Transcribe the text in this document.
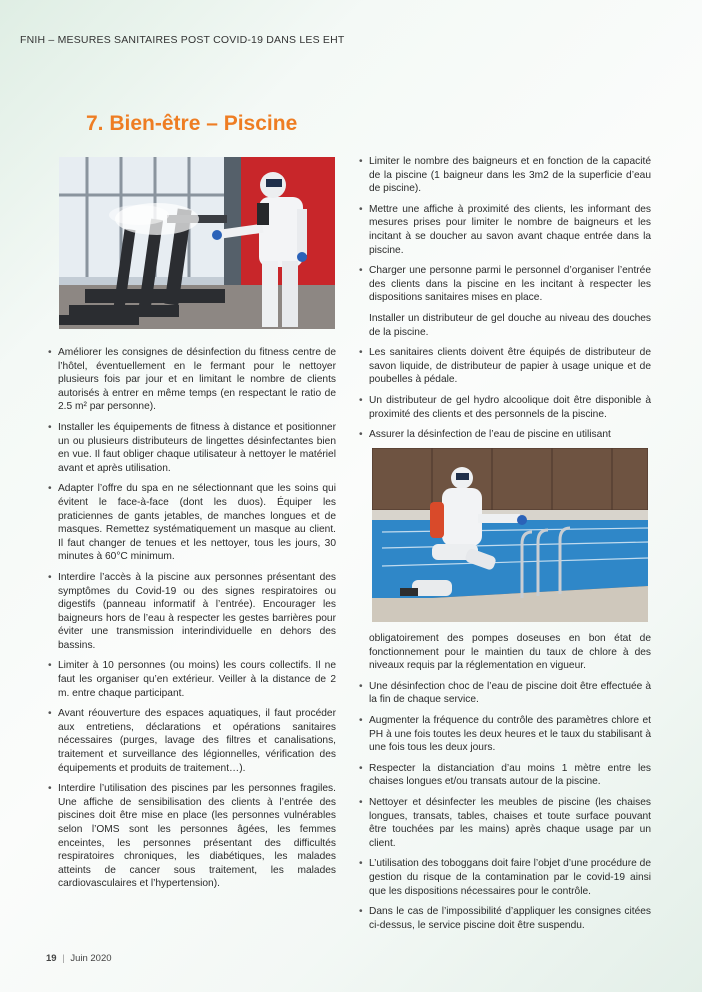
FNIH – MESURES SANITAIRES POST COVID-19 DANS LES EHT
7. Bien-être – Piscine

• Améliorer les consignes de désinfection du fitness centre de l’hôtel, éventuellement en le fermant pour le nettoyer plusieurs fois par jour et en limitant le nombre de clients autorisés à entrer en même temps (en respectant le ratio de 2.5 m² par personne).

• Installer les équipements de fitness à distance et positionner un ou plusieurs distributeurs de lingettes désinfectantes bien en vue. Il faut obliger chaque utilisateur à nettoyer le matériel avant et après utilisation.

• Adapter l’offre du spa en ne sélectionnant que les soins qui évitent le face-à-face (dont les duos). Équiper les praticiennes de gants jetables, de manches longues et de masques. Remettez systématiquement un masque au client. Il faut changer de tenues et les nettoyer, tous les jours, 30 minutes à 60°C minimum.

• Interdire l’accès à la piscine aux personnes présentant des symptômes du Covid-19 ou des signes respiratoires ou digestifs (panneau informatif à l’entrée). Encourager les baigneurs hors de l’eau à respecter les gestes barrières pour éviter une transmission interindividuelle en dehors des bassins.

• Limiter à 10 personnes (ou moins) les cours collectifs. Il ne faut les organiser qu’en extérieur. Veiller à la distance de 2 m. entre chaque participant.

• Avant réouverture des espaces aquatiques, il faut procéder aux entretiens, déclarations et opérations sanitaires nécessaires (purges, lavage des filtres et canalisations, traitement et surveillance des légionnelles, vérification des équipements et produits de traitement…).

• Interdire l’utilisation des piscines par les personnes fragiles. Une affiche de sensibilisation des clients à l’entrée des piscines doit être mise en place (les personnes vulnérables selon l’OMS sont les personnes âgées, les femmes enceintes, les personnes présentant des difficultés respiratoires chroniques, les diabétiques, les malades atteints de cancer sous traitement, les malades cardiovasculaires et l’hypertension).

• Limiter le nombre des baigneurs et en fonction de la capacité de la piscine (1 baigneur dans les 3m2 de la superficie d’eau de piscine).

• Mettre une affiche à proximité des clients, les informant des mesures prises pour limiter le nombre de baigneurs et les incitant à se doucher au savon avant chaque entrée dans la piscine.

• Charger une personne parmi le personnel d’organiser l’entrée des clients dans la piscine en les incitant à respecter les dispositions sanitaires mises en place.

Installer un distributeur de gel douche au niveau des douches de la piscine.

• Les sanitaires clients doivent être équipés de distributeur de savon liquide, de distributeur de papier à usage unique et de poubelles à pédale.

• Un distributeur de gel hydro alcoolique doit être disponible à proximité des clients et des personnels de la piscine.

• Assurer la désinfection de l’eau de piscine en utilisant

obligatoirement des pompes doseuses en bon état de fonctionnement pour le maintien du taux de chlore à des niveaux requis par la réglementation en vigueur.

• Une désinfection choc de l’eau de piscine doit être effectuée à la fin de chaque service.

• Augmenter la fréquence du contrôle des paramètres chlore et PH à une fois toutes les deux heures et le taux du stabilisant à une fois tous les deux jours.

• Respecter la distanciation d’au moins 1 mètre entre les chaises longues et/ou transats autour de la piscine.

• Nettoyer et désinfecter les meubles de piscine (les chaises longues, transats, tables, chaises et toute surface pouvant être touchées par les mains) après chaque usage par un client.

• L’utilisation des toboggans doit faire l’objet d’une procédure de gestion du risque de la contamination par le covid-19 ainsi que les dispositions nécessaires pour le contrôle.

• Dans le cas de l’impossibilité d’appliquer les consignes citées ci-dessus, le service piscine doit être suspendu.

19 | Juin 2020
